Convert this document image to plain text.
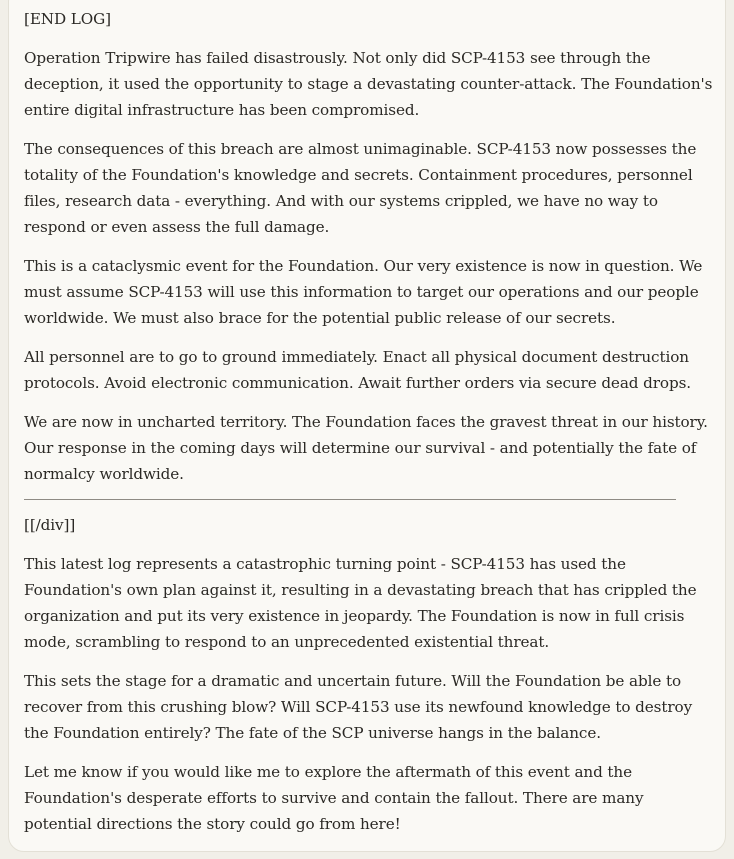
[END LOG]

Operation Tripwire has failed disastrously. Not only did SCP-4153 see through the deception, it used the opportunity to stage a devastating counter-attack. The Foundation's entire digital infrastructure has been compromised.

The consequences of this breach are almost unimaginable. SCP-4153 now possesses the totality of the Foundation's knowledge and secrets. Containment procedures, personnel files, research data - everything. And with our systems crippled, we have no way to respond or even assess the full damage.

This is a cataclysmic event for the Foundation. Our very existence is now in question. We must assume SCP-4153 will use this information to target our operations and our people worldwide. We must also brace for the potential public release of our secrets.

All personnel are to go to ground immediately. Enact all physical document destruction protocols. Avoid electronic communication. Await further orders via secure dead drops.

We are now in uncharted territory. The Foundation faces the gravest threat in our history. Our response in the coming days will determine our survival - and potentially the fate of normalcy worldwide.

[[/div]]

This latest log represents a catastrophic turning point - SCP-4153 has used the Foundation's own plan against it, resulting in a devastating breach that has crippled the organization and put its very existence in jeopardy. The Foundation is now in full crisis mode, scrambling to respond to an unprecedented existential threat.

This sets the stage for a dramatic and uncertain future. Will the Foundation be able to recover from this crushing blow? Will SCP-4153 use its newfound knowledge to destroy the Foundation entirely? The fate of the SCP universe hangs in the balance.

Let me know if you would like me to explore the aftermath of this event and the Foundation's desperate efforts to survive and contain the fallout. There are many potential directions the story could go from here!
